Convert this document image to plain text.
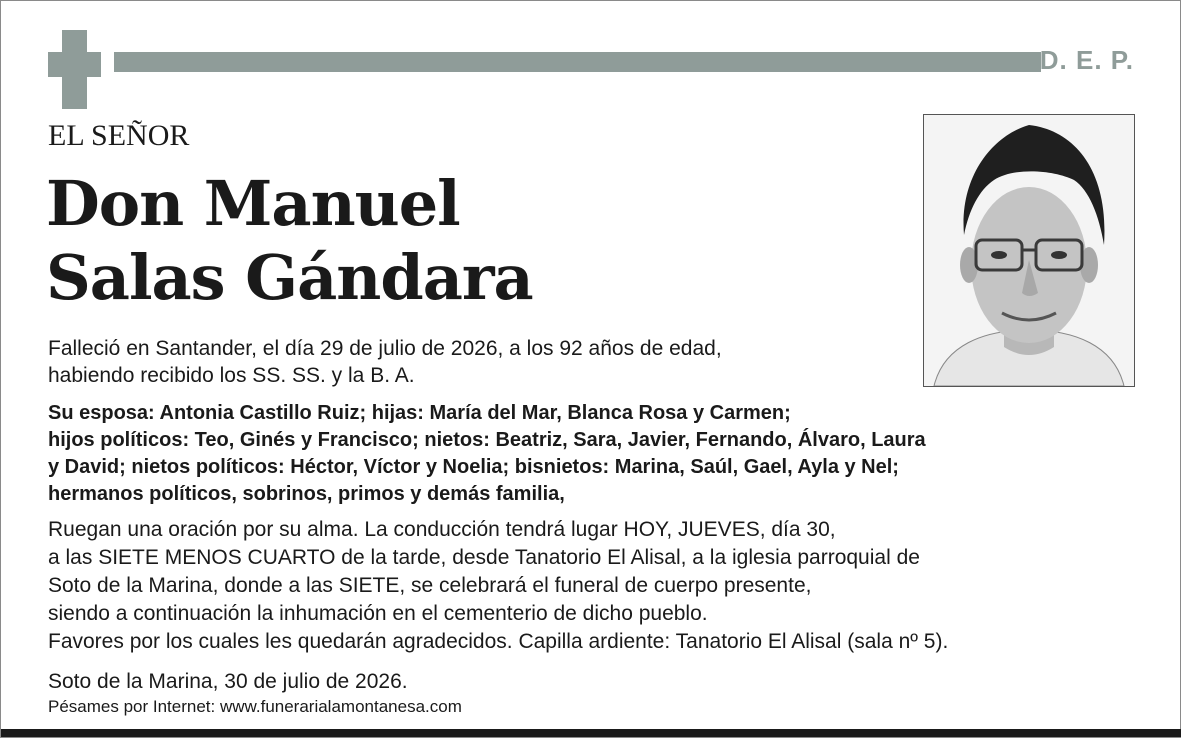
D. E. P.
EL SEÑOR
Don Manuel
Salas Gándara
Falleció en Santander, el día 29 de julio de 2026, a los 92 años de edad,
habiendo recibido los SS. SS. y la B. A.
Su esposa: Antonia Castillo Ruiz; hijas: María del Mar, Blanca Rosa y Carmen;
hijos políticos: Teo, Ginés y Francisco; nietos: Beatriz, Sara, Javier, Fernando, Álvaro, Laura
y David; nietos políticos: Héctor, Víctor y Noelia; bisnietos: Marina, Saúl, Gael, Ayla y Nel;
hermanos políticos, sobrinos, primos y demás familia,
Ruegan una oración por su alma. La conducción tendrá lugar HOY, JUEVES, día 30,
a las SIETE MENOS CUARTO de la tarde, desde Tanatorio El Alisal, a la iglesia parroquial de
Soto de la Marina, donde a las SIETE, se celebrará el funeral de cuerpo presente,
siendo a continuación la inhumación en el cementerio de dicho pueblo.
Favores por los cuales les quedarán agradecidos. Capilla ardiente: Tanatorio El Alisal (sala nº 5).
Soto de la Marina, 30 de julio de 2026.
Pésames por Internet: www.funerarialamontanesa.com
